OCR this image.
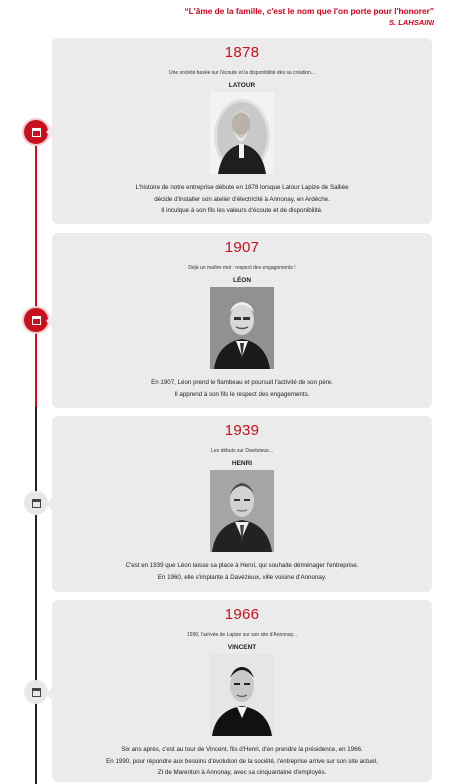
“L'âme de la famille, c'est le nom que l'on porte pour l'honorer”
S. LAHSAINI
1878
Une société basée sur l'écoute et la disponibilité dès sa création...
LATOUR
L'histoire de notre entreprise débute en 1878 lorsque Latour Lapize de Salliée
décide d'installer son atelier d'électricité à Annonay, en Ardèche.
Il inculque à son fils les valeurs d'écoute et de disponibilité.
1907
Déjà un maître-mot : respect des engagements !
LÉON
En 1907, Léon prend le flambeau et poursuit l'activité de son père.
Il apprend à son fils le respect des engagements.
1939
Les débuts sur Davézieux...
HENRI
C'est en 1939 que Léon laisse sa place à Henri, qui souhaite déménager l'entreprise.
En 1960, elle s'implante à Davézieux, ville voisine d'Annonay.
1966
1990, l'arrivée de Lapize sur son site d'Annonay...
VINCENT
Six ans après, c'est au tour de Vincent, fils d'Henri, d'en prendre la présidence, en 1966.
En 1990, pour répondre aux besoins d'évolution de la société, l'entreprise arrive sur son site actuel,
ZI de Marenton à Annonay, avec sa cinquantaine d'employés.
